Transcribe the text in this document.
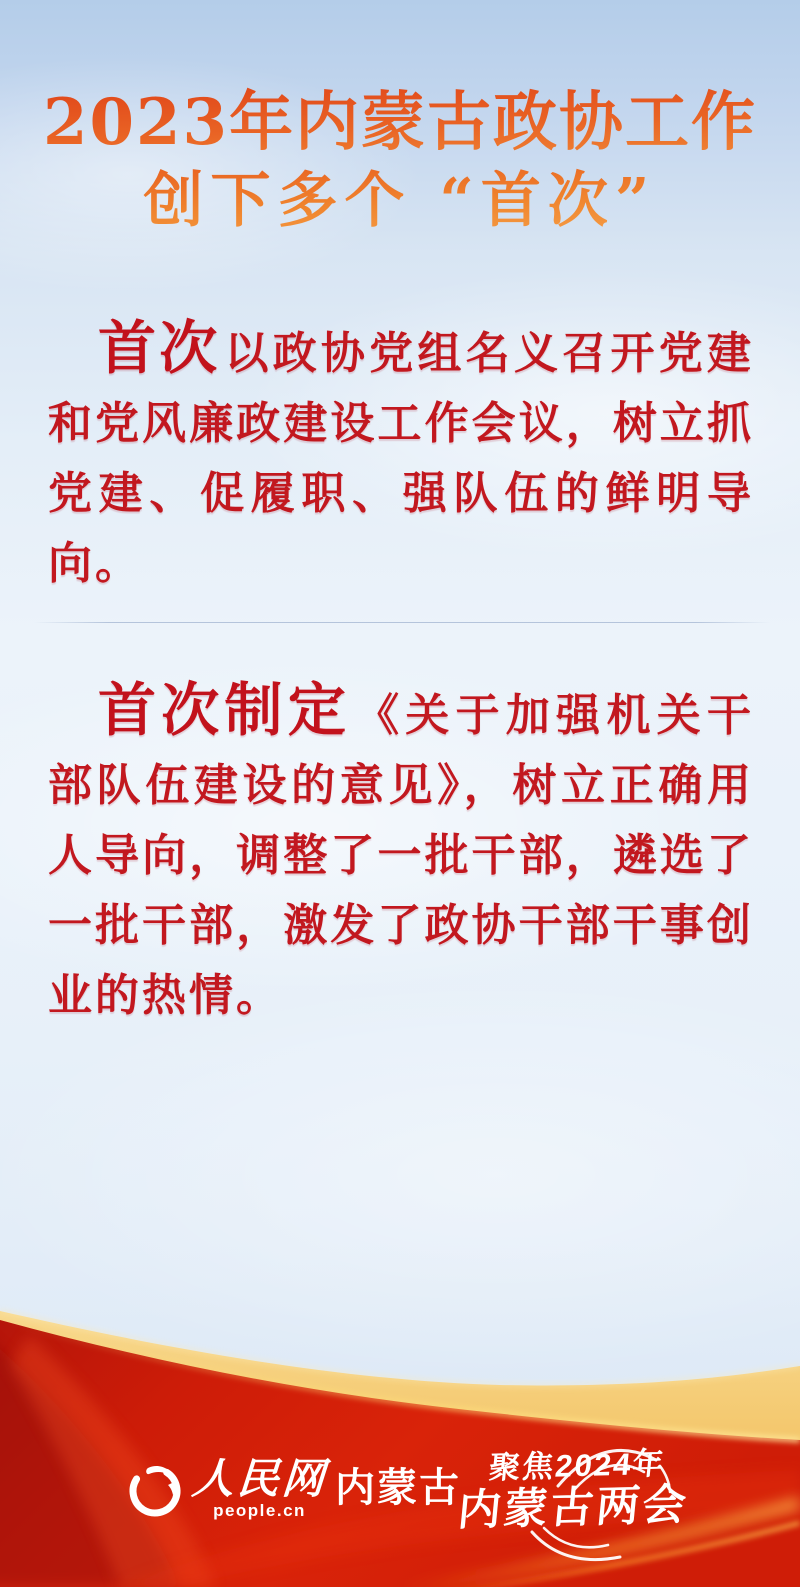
2023年内蒙古政协工作
创下多个 “首次”
首次以政协党组名义召开党建和党风廉政建设工作会议，树立抓党建、促履职、强队伍的鲜明导向。
首次制定《关于加强机关干部队伍建设的意见》，树立正确用人导向，调整了一批干部，遴选了一批干部，激发了政协干部干事创业的热情。
人民网
people.cn
内蒙古
聚焦2024年
内蒙古两会
